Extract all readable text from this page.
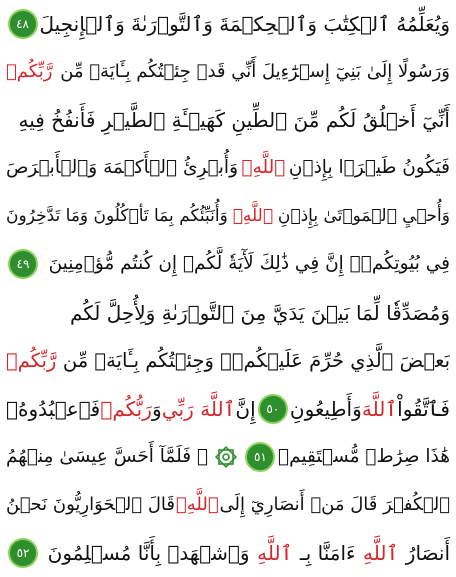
وَيُعَلِّمُهُ ٱلۡكِتَٰبَ وَٱلۡحِكۡمَةَ وَٱلتَّوۡرَىٰةَ وَٱلۡإِنجِيلَ
٤٨
وَرَسُولًا إِلَىٰ بَنِيٓ إِسۡرَٰٓءِيلَ أَنِّي قَدۡ جِئۡتُكُم بِـَٔايَةٖ مِّن
رَّبِّكُمۡ
أَنِّيٓ أَخۡلُقُ لَكُم مِّنَ ٱلطِّينِ كَهَيۡـَٔةِ ٱلطَّيۡرِ فَأَنفُخُ فِيهِ
فَيَكُونُ طَيۡرَۢا بِإِذۡنِ
ٱللَّهِۖ
وَأُبۡرِئُ ٱلۡأَكۡمَهَ وَٱلۡأَبۡرَصَ
وَأُحۡيِ ٱلۡمَوۡتَىٰ بِإِذۡنِ
ٱللَّهِۖ
وَأُنَبِّئُكُم بِمَا تَأۡكُلُونَ وَمَا تَدَّخِرُونَ
فِي بُيُوتِكُمۡۚ إِنَّ فِي ذَٰلِكَ لَأٓيَةٗ لَّكُمۡ إِن كُنتُم مُّؤۡمِنِينَ
٤٩
وَمُصَدِّقٗا لِّمَا بَيۡنَ يَدَيَّ مِنَ ٱلتَّوۡرَىٰةِ وَلِأُحِلَّ لَكُم
بَعۡضَ ٱلَّذِي حُرِّمَ عَلَيۡكُمۡۚ وَجِئۡتُكُم بِـَٔايَةٖ مِّن
رَّبِّكُمۡ
فَٱتَّقُواْ
ٱللَّهَ
وَأَطِيعُونِ
٥٠
إِنَّ
ٱللَّهَ رَبِّي
وَ
رَبُّكُمۡ
فَٱعۡبُدُوهُۚ
هَٰذَا صِرَٰطٞ مُّسۡتَقِيمٞ
٥١
۞ فَلَمَّآ أَحَسَّ عِيسَىٰ مِنۡهُمُ
ٱلۡكُفۡرَ قَالَ مَنۡ أَنصَارِيٓ إِلَى
ٱللَّهِۖ
قَالَ ٱلۡحَوَارِيُّونَ نَحۡنُ
أَنصَارُ
ٱللَّهِ
ءَامَنَّا بِـ
ٱللَّهِ
وَٱشۡهَدۡ بِأَنَّا مُسۡلِمُونَ
٥٢
